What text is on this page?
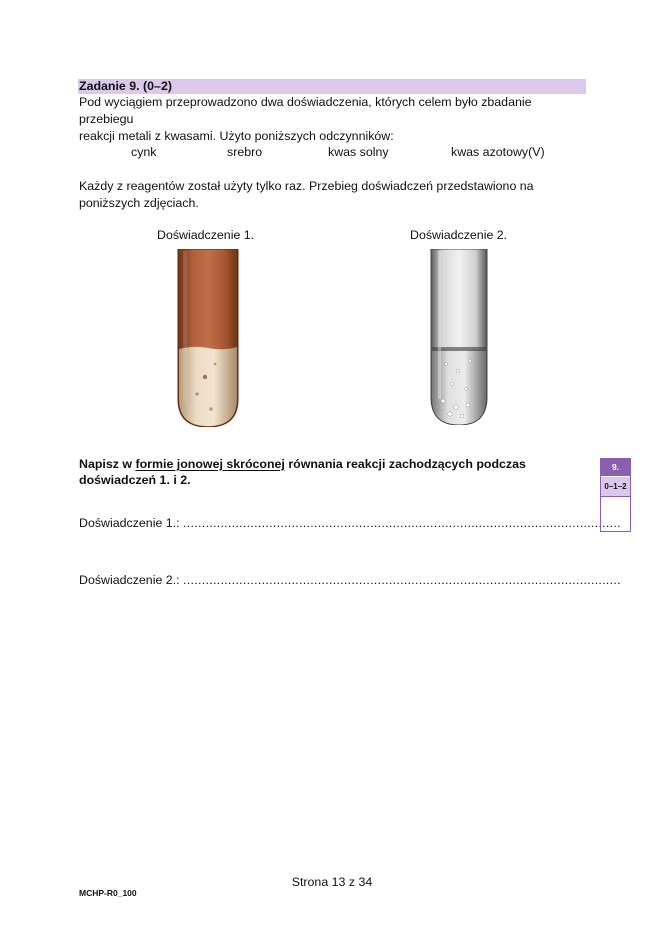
Zadanie 9. (0–2)
Pod wyciągiem przeprowadzono dwa doświadczenia, których celem było zbadanie przebiegu
reakcji metali z kwasami. Użyto poniższych odczynników:
cynk	srebro	kwas solny	kwas azotowy(V)
Każdy z reagentów został użyty tylko raz. Przebieg doświadczeń przedstawiono na
poniższych zdjęciach.
Doświadczenie 1.	Doświadczenie 2.
Napisz w formie jonowej skróconej równania reakcji zachodzących podczas
doświadczeń 1. i 2.
Doświadczenie 1.: .....................................................................................................................
Doświadczenie 2.: .....................................................................................................................
9.
0–1–2
Strona 13 z 34
MCHP-R0_100
